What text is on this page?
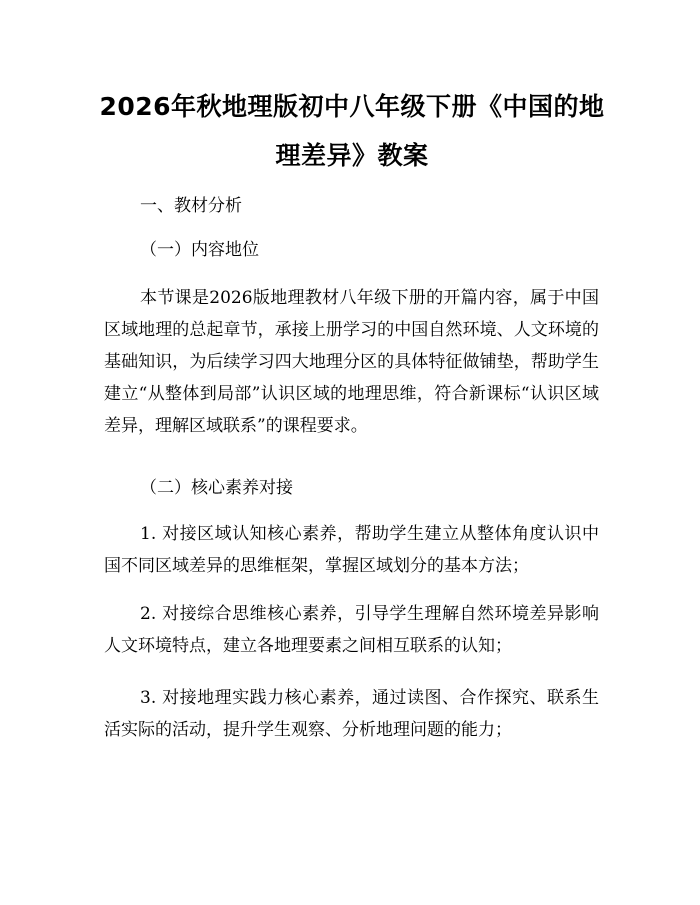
2026年秋地理版初中八年级下册《中国的地理差异》教案

一、教材分析

（一）内容地位

本节课是2026版地理教材八年级下册的开篇内容，属于中国区域地理的总起章节，承接上册学习的中国自然环境、人文环境的基础知识，为后续学习四大地理分区的具体特征做铺垫，帮助学生建立“从整体到局部”认识区域的地理思维，符合新课标“认识区域差异，理解区域联系”的课程要求。

（二）核心素养对接

1. 对接区域认知核心素养，帮助学生建立从整体角度认识中国不同区域差异的思维框架，掌握区域划分的基本方法；

2. 对接综合思维核心素养，引导学生理解自然环境差异影响人文环境特点，建立各地理要素之间相互联系的认知；

3. 对接地理实践力核心素养，通过读图、合作探究、联系生活实际的活动，提升学生观察、分析地理问题的能力；
